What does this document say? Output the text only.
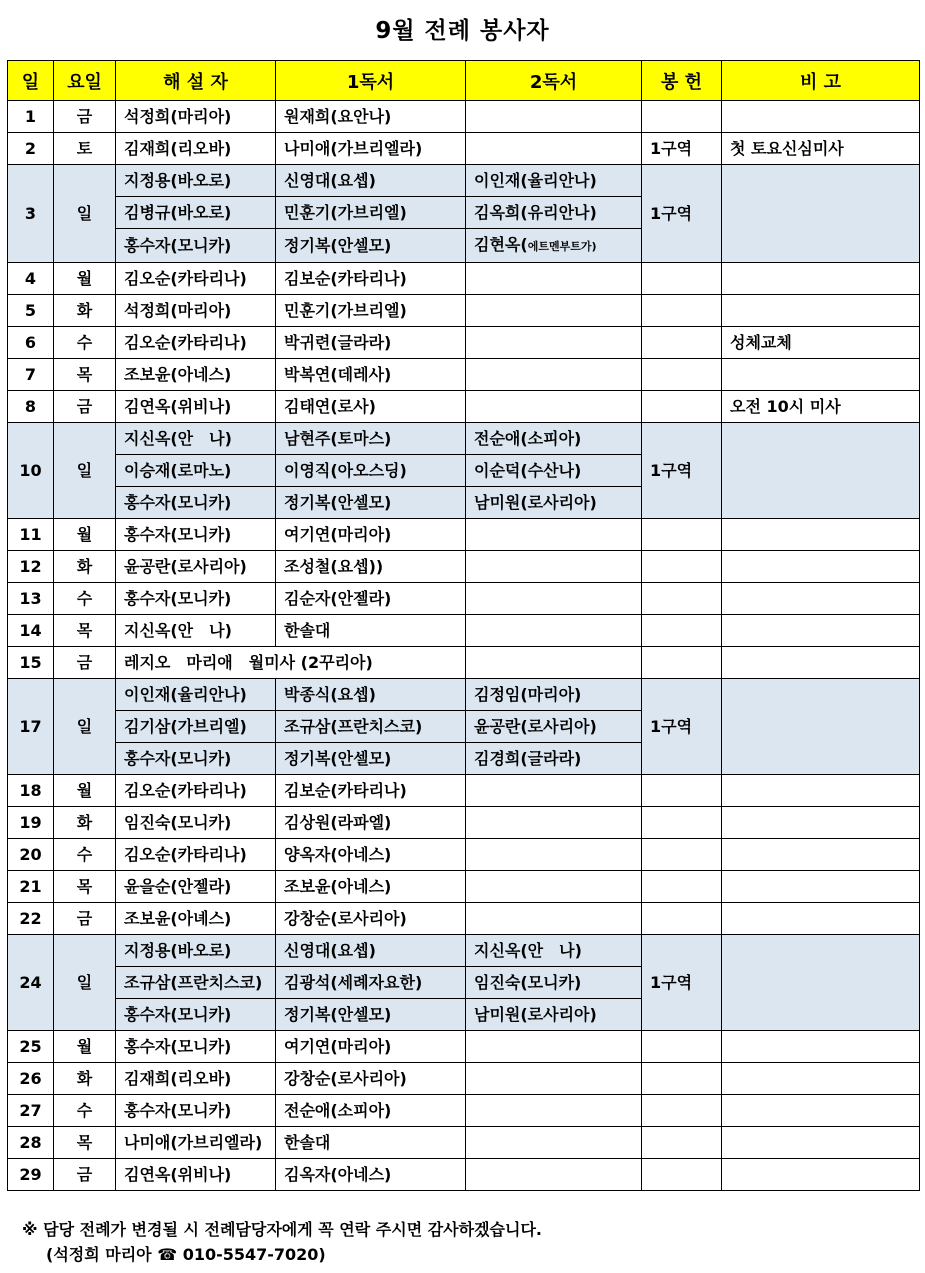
9월 전례 봉사자
일	요일	해 설 자	1독서	2독서	봉 헌	비 고
1	금	석정희(마리아)	원재희(요안나)			
2	토	김재희(리오바)	나미애(가브리엘라)		1구역	첫 토요신심미사
3	일	지정용(바오로)	신영대(요셉)	이인재(율리안나)	1구역	
		김병규(바오로)	민훈기(가브리엘)	김옥희(유리안나)		
		홍수자(모니카)	정기복(안셀모)	김현옥(에트멘부트가)		
4	월	김오순(카타리나)	김보순(카타리나)			
5	화	석정희(마리아)	민훈기(가브리엘)			
6	수	김오순(카타리나)	박귀련(글라라)			성체교체
7	목	조보윤(아네스)	박복연(데레사)			
8	금	김연옥(위비나)	김태연(로사)			오전 10시 미사
10	일	지신옥(안　나)	남현주(토마스)	전순애(소피아)	1구역	
		이승재(로마노)	이영직(아오스딩)	이순덕(수산나)		
		홍수자(모니카)	정기복(안셀모)	남미원(로사리아)		
11	월	홍수자(모니카)	여기연(마리아)			
12	화	윤공란(로사리아)	조성철(요셉))			
13	수	홍수자(모니카)	김순자(안젤라)			
14	목	지신옥(안　나)	한솔대			
15	금	레지오　마리애　월미사 (2꾸리아)				
17	일	이인재(율리안나)	박종식(요셉)	김정임(마리아)	1구역	
		김기삼(가브리엘)	조규삼(프란치스코)	윤공란(로사리아)		
		홍수자(모니카)	정기복(안셀모)	김경희(글라라)		
18	월	김오순(카타리나)	김보순(카타리나)			
19	화	임진숙(모니카)	김상원(라파엘)			
20	수	김오순(카타리나)	양옥자(아네스)			
21	목	윤을순(안젤라)	조보윤(아네스)			
22	금	조보윤(아녜스)	강창순(로사리아)			
24	일	지정용(바오로)	신영대(요셉)	지신옥(안　나)	1구역	
		조규삼(프란치스코)	김광석(세례자요한)	임진숙(모니카)		
		홍수자(모니카)	정기복(안셀모)	남미원(로사리아)		
25	월	홍수자(모니카)	여기연(마리아)			
26	화	김재희(리오바)	강창순(로사리아)			
27	수	홍수자(모니카)	전순애(소피아)			
28	목	나미애(가브리엘라)	한솔대			
29	금	김연옥(위비나)	김옥자(아네스)			
※ 담당 전례가 변경될 시 전례담당자에게 꼭 연락 주시면 감사하겠습니다.
(석정희 마리아 ☎ 010-5547-7020)
